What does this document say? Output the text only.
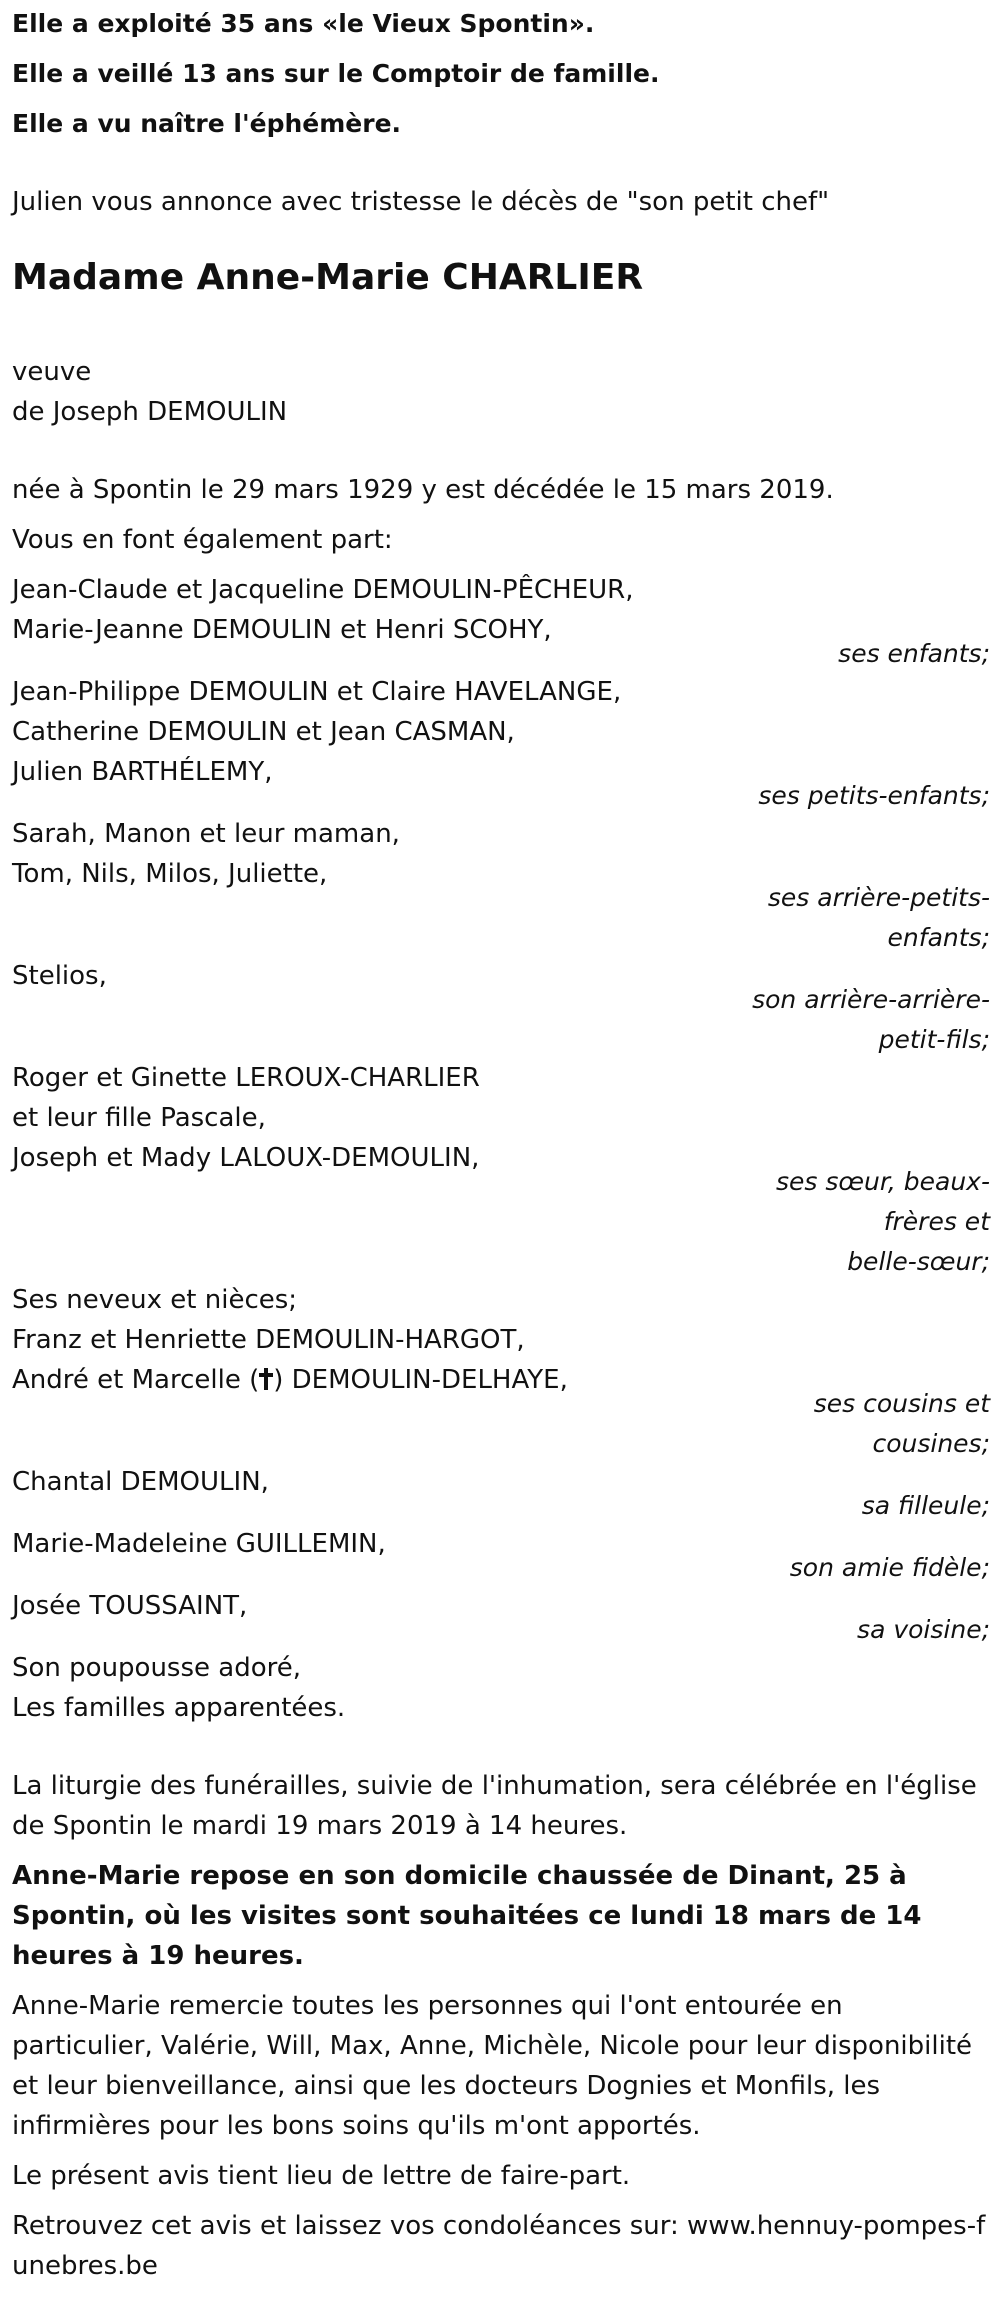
Elle a exploité 35 ans «le Vieux Spontin».
Elle a veillé 13 ans sur le Comptoir de famille.
Elle a vu naître l'éphémère.
Julien vous annonce avec tristesse le décès de "son petit chef"
Madame Anne-Marie CHARLIER
veuve
de Joseph DEMOULIN
née à Spontin le 29 mars 1929 y est décédée le 15 mars 2019.
Vous en font également part:
Jean-Claude et Jacqueline DEMOULIN-PÊCHEUR,
Marie-Jeanne DEMOULIN et Henri SCOHY,
ses enfants;
Jean-Philippe DEMOULIN et Claire HAVELANGE,
Catherine DEMOULIN et Jean CASMAN,
Julien BARTHÉLEMY,
ses petits-enfants;
Sarah, Manon et leur maman,
Tom, Nils, Milos, Juliette,
ses arrière-petits-
enfants;
Stelios,
son arrière-arrière-
petit-fils;
Roger et Ginette LEROUX-CHARLIER
et leur fille Pascale,
Joseph et Mady LALOUX-DEMOULIN,
ses sœur, beaux-
frères et
belle-sœur;
Ses neveux et nièces;
Franz et Henriette DEMOULIN-HARGOT,
André et Marcelle ( ) DEMOULIN-DELHAYE,
ses cousins et
cousines;
Chantal DEMOULIN,
sa filleule;
Marie-Madeleine GUILLEMIN,
son amie fidèle;
Josée TOUSSAINT,
sa voisine;
Son poupousse adoré,
Les familles apparentées.
La liturgie des funérailles, suivie de l'inhumation, sera célébrée en l'église de Spontin le mardi 19 mars 2019 à 14 heures.
Anne-Marie repose en son domicile chaussée de Dinant, 25 à Spontin, où les visites sont souhaitées ce lundi 18 mars de 14 heures à 19 heures.
Anne-Marie remercie toutes les personnes qui l'ont entourée en particulier, Valérie, Will, Max, Anne, Michèle, Nicole pour leur disponibilité et leur bienveillance, ainsi que les docteurs Dognies et Monfils, les infirmières pour les bons soins qu'ils m'ont apportés.
Le présent avis tient lieu de lettre de faire-part.
Retrouvez cet avis et laissez vos condoléances sur: www.hennuy-pompes-funebres.be
